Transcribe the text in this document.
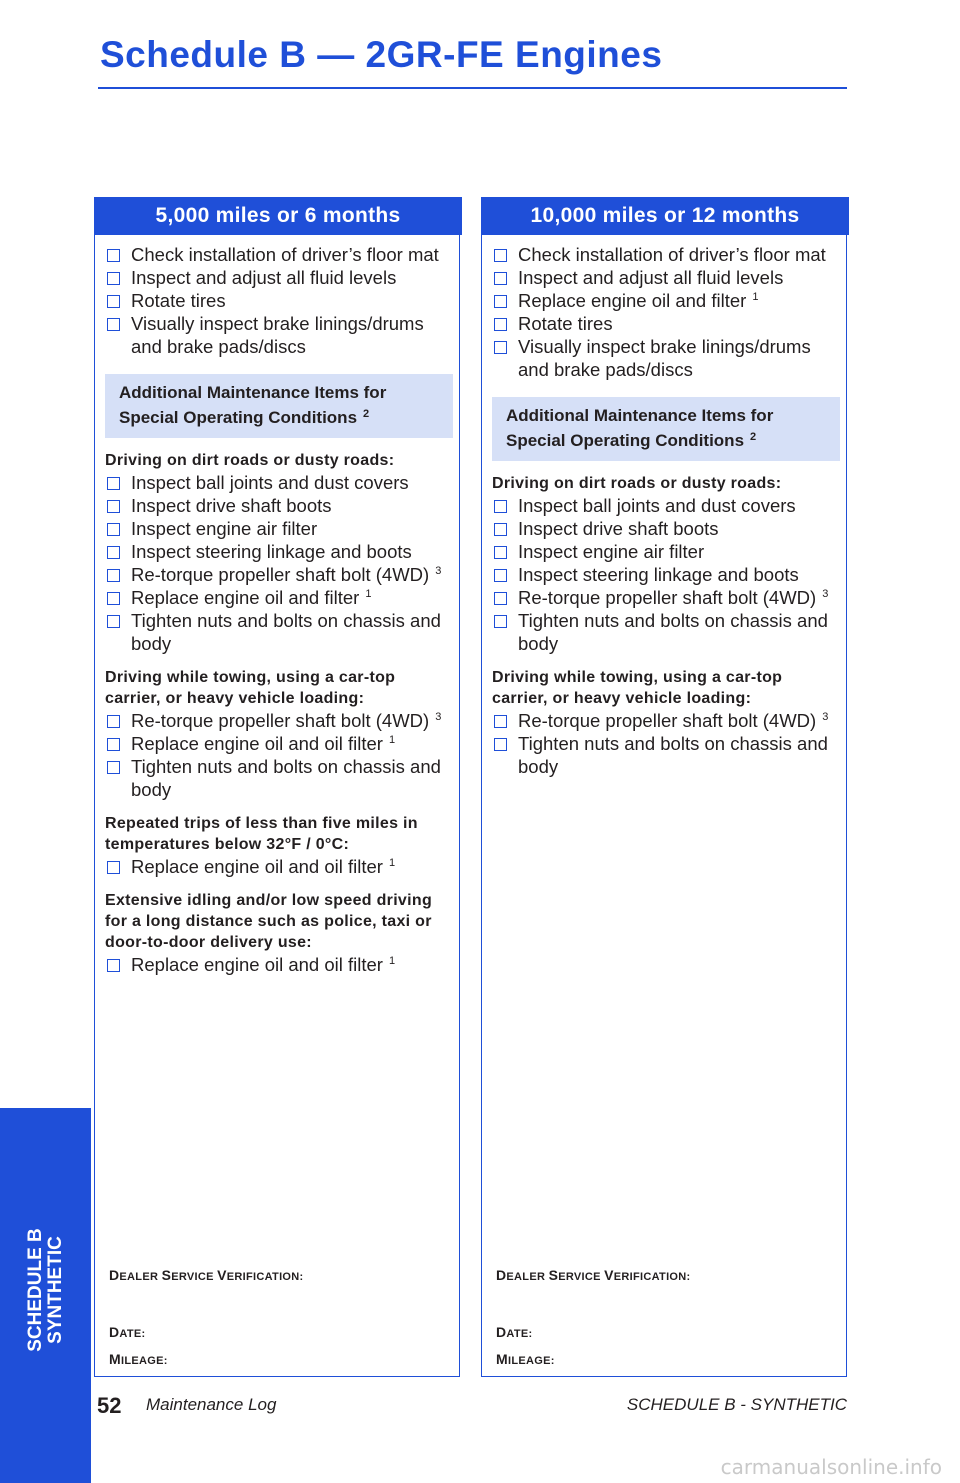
Schedule B — 2GR-FE Engines
5,000 miles or 6 months
Check installation of driver’s floor mat
Inspect and adjust all fluid levels
Rotate tires
Visually inspect brake linings/drums and brake pads/discs
Additional Maintenance Items for Special Operating Conditions $^2$
Driving on dirt roads or dusty roads:
Inspect ball joints and dust covers
Inspect drive shaft boots
Inspect engine air filter
Inspect steering linkage and boots
Re-torque propeller shaft bolt (4WD) $^3$
Replace engine oil and filter $^1$
Tighten nuts and bolts on chassis and body
Driving while towing, using a car-top carrier, or heavy vehicle loading:
Re-torque propeller shaft bolt (4WD) $^3$
Replace engine oil and oil filter $^1$
Tighten nuts and bolts on chassis and body
Repeated trips of less than five miles in temperatures below 32°F / 0°C:
Replace engine oil and oil filter $^1$
Extensive idling and/or low speed driving for a long distance such as police, taxi or door-to-door delivery use:
Replace engine oil and oil filter $^1$
DEALER SERVICE VERIFICATION:
DATE:
MILEAGE:
10,000 miles or 12 months
Check installation of driver’s floor mat
Inspect and adjust all fluid levels
Replace engine oil and filter $^1$
Rotate tires
Visually inspect brake linings/drums and brake pads/discs
Additional Maintenance Items for Special Operating Conditions $^2$
Driving on dirt roads or dusty roads:
Inspect ball joints and dust covers
Inspect drive shaft boots
Inspect engine air filter
Inspect steering linkage and boots
Re-torque propeller shaft bolt (4WD) $^3$
Tighten nuts and bolts on chassis and body
Driving while towing, using a car-top carrier, or heavy vehicle loading:
Re-torque propeller shaft bolt (4WD) $^3$
Tighten nuts and bolts on chassis and body
DEALER SERVICE VERIFICATION:
DATE:
MILEAGE:
SCHEDULE B SYNTHETIC
52 Maintenance Log	SCHEDULE B - SYNTHETIC
carmanualsonline.info
